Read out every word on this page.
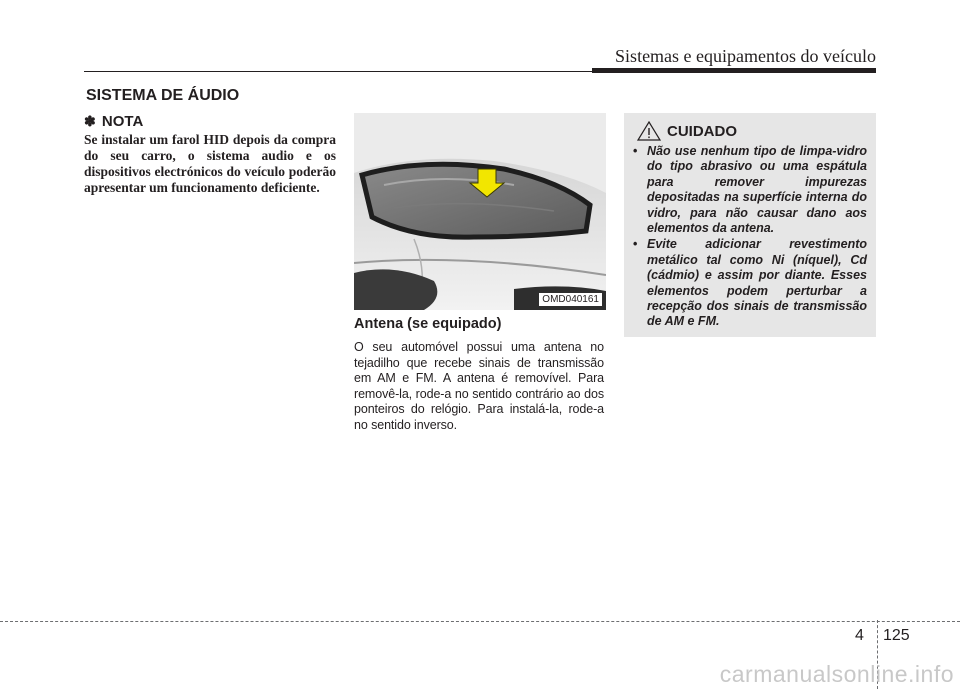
Sistemas e equipamentos do veículo
SISTEMA DE ÁUDIO
✽ NOTA

Se instalar um farol HID depois da compra do seu carro, o sistema audio e os dispositivos electrónicos do veículo poderão apresentar um funcionamento deficiente.

OMD040161

Antena (se equipado)

O seu automóvel possui uma antena no tejadilho que recebe sinais de transmissão em AM e FM. A antena é removível. Para removê-la, rode-a no sentido contrário ao dos ponteiros do relógio. Para instalá-la, rode-a no sentido inverso.

CUIDADO
• Não use nenhum tipo de limpa-vidro do tipo abrasivo ou uma espátula para remover impurezas depositadas na superfície interna do vidro, para não causar dano aos elementos da antena.
• Evite adicionar revestimento metálico tal como Ni (níquel), Cd (cádmio) e assim por diante. Esses elementos podem perturbar a recepção dos sinais de transmissão de AM e FM.
4 125
carmanualsonline.info
